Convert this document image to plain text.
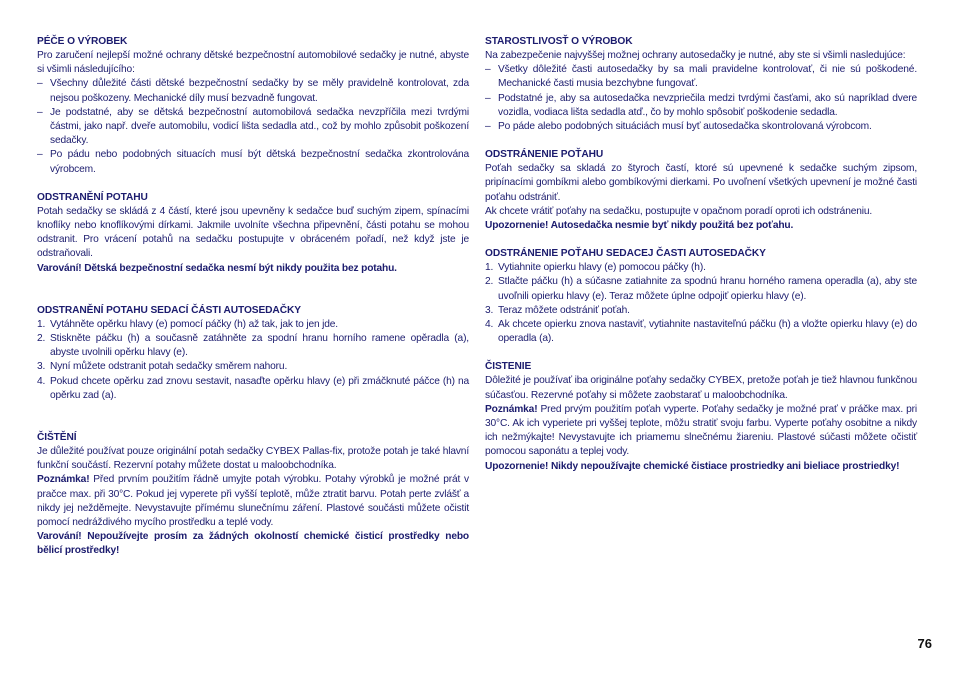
PÉČE O VÝROBEK

Pro zaručení nejlepší možné ochrany dětské bezpečnostní automobilové sedačky je nutné, abyste si všimli následujícího:

– Všechny důležité části dětské bezpečnostní sedačky by se měly pravidelně kontrolovat, zda nejsou poškozeny. Mechanické díly musí bezvadně fungovat.
– Je podstatné, aby se dětská bezpečnostní automobilová sedačka nevzpříčila mezi tvrdými částmi, jako např. dveře automobilu, vodicí lišta sedadla atd., což by mohlo způsobit poškození sedačky.
– Po pádu nebo podobných situacích musí být dětská bezpečnostní sedačka zkontrolována výrobcem.
ODSTRANĚNÍ POTAHU

Potah sedačky se skládá z 4 částí, které jsou upevněny k sedačce buď suchým zipem, spínacími knoflíky nebo knoflíkovými dírkami. Jakmile uvolníte všechna připevnění, části potahu se mohou odstranit. Pro vrácení potahů na sedačku postupujte v obráceném pořadí, než když jste je odstraňovali.

Varování! Dětská bezpečnostní sedačka nesmí být nikdy použita bez potahu.

ODSTRANĚNÍ POTAHU SEDACÍ ČÁSTI AUTOSEDAČKY
1. Vytáhněte opěrku hlavy (e) pomocí páčky (h) až tak, jak to jen jde.
2. Stiskněte páčku (h) a současně zatáhněte za spodní hranu horního ramene opěradla (a), abyste uvolnili opěrku hlavy (e).
3. Nyní můžete odstranit potah sedačky směrem nahoru.
4. Pokud chcete opěrku zad znovu sestavit, nasaďte opěrku hlavy (e) při zmáčknuté páčce (h) na opěrku zad (a).
ČIŠTĚNÍ

Je důležité používat pouze originální potah sedačky CYBEX Pallas-fix, protože potah je také hlavní funkční součástí. Rezervní potahy můžete dostat u maloobchodníka.

Poznámka! Před prvním použitím řádně umyjte potah výrobku. Potahy výrobků je možné prát v pračce max. při 30°C. Pokud jej vyperete při vyšší teplotě, může ztratit barvu. Potah perte zvlášť a nikdy jej nežděmejte. Nevystavujte přímému slunečnímu záření. Plastové součásti můžete očistit pomocí nedráždivého mycího prostředku a teplé vody.

Varování! Nepoužívejte prosím za žádných okolností chemické čisticí prostředky nebo bělicí prostředky!

STAROSTLIVOSŤ O VÝROBOK

Na zabezpečenie najvyššej možnej ochrany autosedačky je nutné, aby ste si všimli nasledujúce:

– Všetky dôležité časti autosedačky by sa mali pravidelne kontrolovať, či nie sú poškodené. Mechanické časti musia bezchybne fungovať.
– Podstatné je, aby sa autosedačka nevzpriečila medzi tvrdými časťami, ako sú napríklad dvere vozidla, vodiaca lišta sedadla atď., čo by mohlo spôsobiť poškodenie sedadla.
– Po páde alebo podobných situáciách musí byť autosedačka skontrolovaná výrobcom.
ODSTRÁNENIE POŤAHU

Poťah sedačky sa skladá zo štyroch častí, ktoré sú upevnené k sedačke suchým zipsom, pripínacími gombíkmi alebo gombíkovými dierkami. Po uvoľnení všetkých upevnení je možné časti poťahu odstrániť.

Ak chcete vrátiť poťahy na sedačku, postupujte v opačnom poradí oproti ich odstráneniu.

Upozornenie! Autosedačka nesmie byť nikdy použitá bez poťahu.

ODSTRÁNENIE POŤAHU SEDACEJ ČASTI AUTOSEDAČKY
1. Vytiahnite opierku hlavy (e) pomocou páčky (h).
2. Stlačte páčku (h) a súčasne zatiahnite za spodnú hranu horného ramena operadla (a), aby ste uvoľnili opierku hlavy (e). Teraz môžete úplne odpojiť opierku hlavy (e).
3. Teraz môžete odstrániť poťah.
4. Ak chcete opierku znova nastaviť, vytiahnite nastaviteľnú páčku (h) a vložte opierku hlavy (e) do operadla (a).
ČISTENIE

Dôležité je používať iba originálne poťahy sedačky CYBEX, pretože poťah je tiež hlavnou funkčnou súčasťou. Rezervné poťahy si môžete zaobstarať u maloobchodníka.

Poznámka! Pred prvým použitím poťah vyperte. Poťahy sedačky je možné prať v práčke max. pri 30°C. Ak ich vyperiete pri vyššej teplote, môžu stratiť svoju farbu. Vyperte poťahy osobitne a nikdy ich nežmýkajte! Nevystavujte ich priamemu slnečnému žiareniu. Plastové súčasti môžete očistiť pomocou saponátu a teplej vody.

Upozornenie! Nikdy nepoužívajte chemické čistiace prostriedky ani bieliace prostriedky!

76
